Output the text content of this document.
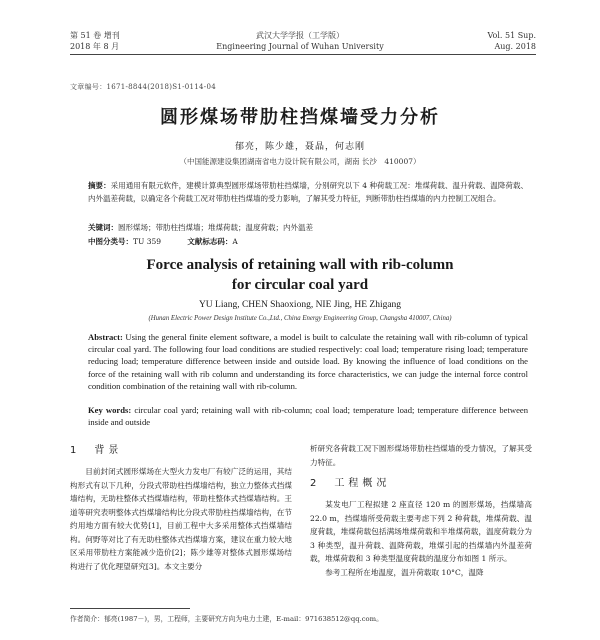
第 51 卷 增刊
2018 年 8 月
武汉大学学报（工学版）
Engineering Journal of Wuhan University
Vol. 51 Sup.
Aug. 2018
文章编号：1671-8844(2018)S1-0114-04
圆形煤场带肋柱挡煤墙受力分析
郁亮，陈少雄，聂晶，何志刚
（中国能源建设集团湖南省电力设计院有限公司，湖南 长沙　410007）
摘要：采用通用有限元软件，建模计算典型圆形煤场带肋柱挡煤墙，分别研究以下 4 种荷载工况：堆煤荷载、温升荷载、温降荷载、内外温差荷载，以确定各个荷载工况对带肋柱挡煤墙的受力影响，了解其受力特征，判断带肋柱挡煤墙的内力控制工况组合。
关键词：圆形煤场；带肋柱挡煤墙；堆煤荷载；温度荷载；内外温差
中图分类号：TU 359	文献标志码：A
Force analysis of retaining wall with rib-column
for circular coal yard
YU Liang, CHEN Shaoxiong, NIE Jing, HE Zhigang
(Hunan Electric Power Design Institute Co.,Ltd., China Energy Engineering Group, Changsha 410007, China)
Abstract: Using the general finite element software, a model is built to calculate the retaining wall with rib-column of typical circular coal yard. The following four load conditions are studied respectively: coal load; temperature rising load; temperature reducing load; temperature difference between inside and outside load. By knowing the influence of load conditions on the force of the retaining wall with rib column and understanding its force characteristics, we can judge the internal force control condition combination of the retaining wall with rib-column.
Key words: circular coal yard; retaining wall with rib-column; coal load; temperature load; temperature difference between inside and outside
1　背景

目前封闭式圆形煤场在大型火力发电厂有较广泛的运用，其结构形式有以下几种，分段式带助柱挡煤墙结构，独立力整体式挡煤墙结构，无助柱整体式挡煤墙结构，带助柱整体式挡煤墙结构。王道等研究表明整体式挡煤墙结构比分段式带肋柱挡煤墙结构，在节约用地方面有较大优势[1]，目前工程中大多采用整体式挡煤墙结构。何野等对比了有无助柱整体式挡煤墙方案，建议在重力较大地区采用带肋柱方案能减少造价[2]；陈少雄等对整体式圆形煤场结构进行了优化理望研究[3]。本文主要分

析研究各荷载工况下圆形煤场带肋柱挡煤墙的受力情况，了解其受力特征。

2　工程概况

某发电厂工程拟建 2 座直径 120 m 的圆形煤场，挡煤墙高 22.0 m，挡煤墙所受荷载主要考虑下列 2 种荷载，堆煤荷载、温度荷载，堆煤荷载包括满场堆煤荷载和半堆煤荷载，温度荷载分为 3 种类型，温升荷载、温降荷载，堆煤引起的挡煤墙内外温差荷载，堆煤荷载和 3 种类型温度荷载的温度分布如图 1 所示。

参考工程所在地温度，温升荷载取 10°C，温降

作者简介：郁亮(1987－)，男，工程师，主要研究方向为电力土建，E-mail：971638512@qq.com。
